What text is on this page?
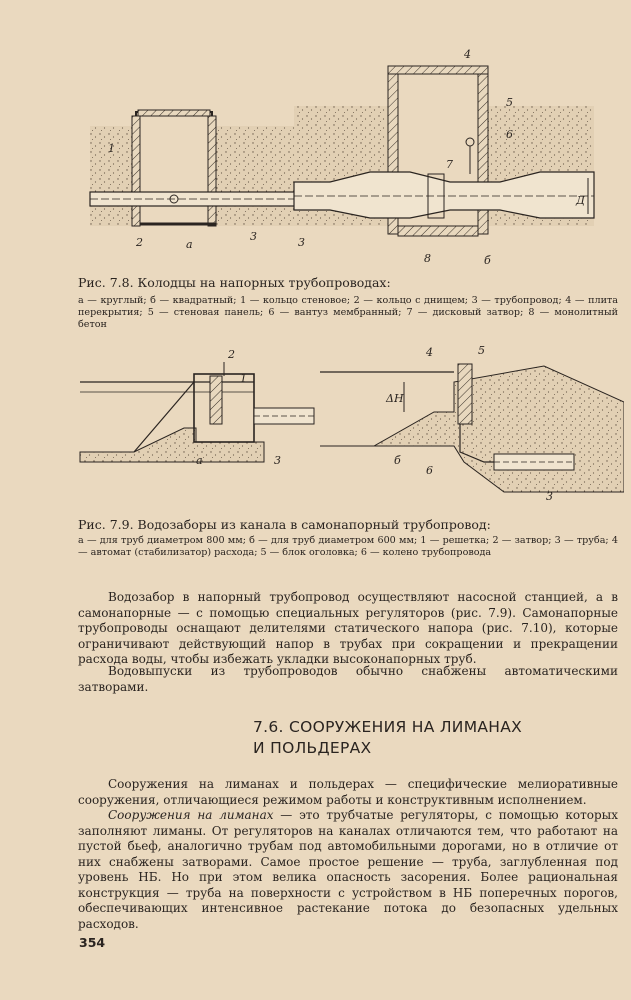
1
2	а
3
4
5
6
7
3
8	б
Д
Рис. 7.8. Колодцы на напорных трубопроводах:
а — круглый; б — квадратный; 1 — кольцо стеновое; 2 — кольцо с днищем; 3 — трубопровод; 4 — плита перекрытия; 5 — стеновая панель; 6 — вантуз мембранный; 7 — дисковый затвор; 8 — монолитный бетон
2
1
а	3
4	5
ΔH
б
6
3
Рис. 7.9. Водозаборы из канала в самонапорный трубопровод:
а — для труб диаметром 800 мм; б — для труб диаметром 600 мм; 1 — решетка; 2 — затвор; 3 — труба; 4 — автомат (стабилизатор) расхода; 5 — блок оголовка; 6 — колено трубопровода

Водозабор в напорный трубопровод осуществляют насосной станцией, а в самонапорные — с помощью специальных регуляторов (рис. 7.9). Самонапорные трубопроводы оснащают делителями статического напора (рис. 7.10), которые ограничивают действующий напор в трубах при сокращении и прекращении расхода воды, чтобы избежать укладки высоконапорных труб.

Водовыпуски из трубопроводов обычно снабжены автоматическими затворами.

7.6. СООРУЖЕНИЯ НА ЛИМАНАХ
И ПОЛЬДЕРАХ

Сооружения на лиманах и польдерах — специфические мелиоративные сооружения, отличающиеся режимом работы и конструктивным исполнением.

Сооружения на лиманах — это трубчатые регуляторы, с помощью которых заполняют лиманы. От регуляторов на каналах отличаются тем, что работают на пустой бьеф, аналогично трубам под автомобильными дорогами, но в отличие от них снабжены затворами. Самое простое решение — труба, заглубленная под уровень НБ. Но при этом велика опасность засорения. Более рациональная конструкция — труба на поверхности с устройством в НБ поперечных порогов, обеспечивающих интенсивное растекание потока до безопасных удельных расходов.

354
